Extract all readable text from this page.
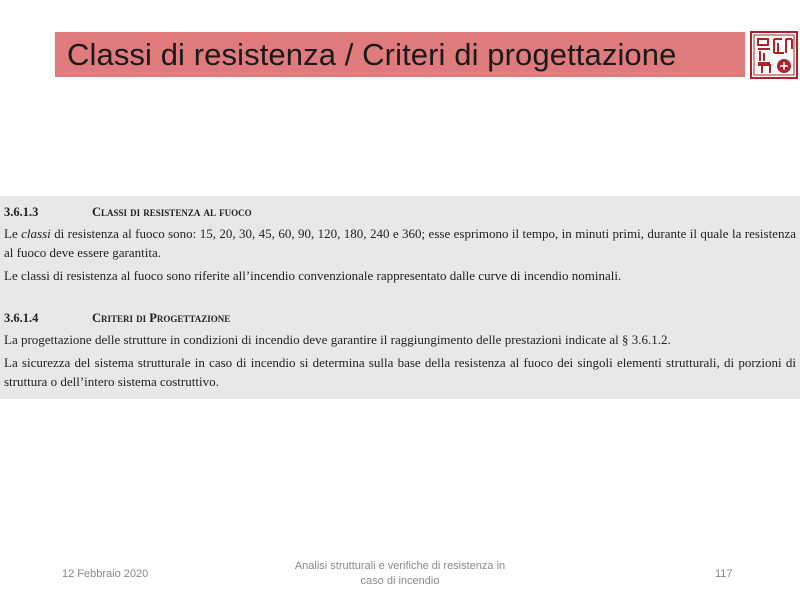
Classi di resistenza / Criteri di progettazione
3.6.1.3	Classi di resistenza al fuoco
Le classi di resistenza al fuoco sono: 15, 20, 30, 45, 60, 90, 120, 180, 240 e 360; esse esprimono il tempo, in minuti primi, durante il quale la resistenza al fuoco deve essere garantita.
Le classi di resistenza al fuoco sono riferite all’incendio convenzionale rappresentato dalle curve di incendio nominali.
3.6.1.4	Criteri di Progettazione
La progettazione delle strutture in condizioni di incendio deve garantire il raggiungimento delle prestazioni indicate al § 3.6.1.2.
La sicurezza del sistema strutturale in caso di incendio si determina sulla base della resistenza al fuoco dei singoli elementi strutturali, di porzioni di struttura o dell’intero sistema costruttivo.
12 Febbraio 2020
Analisi strutturali e verifiche di resistenza in
caso di incendio
117
